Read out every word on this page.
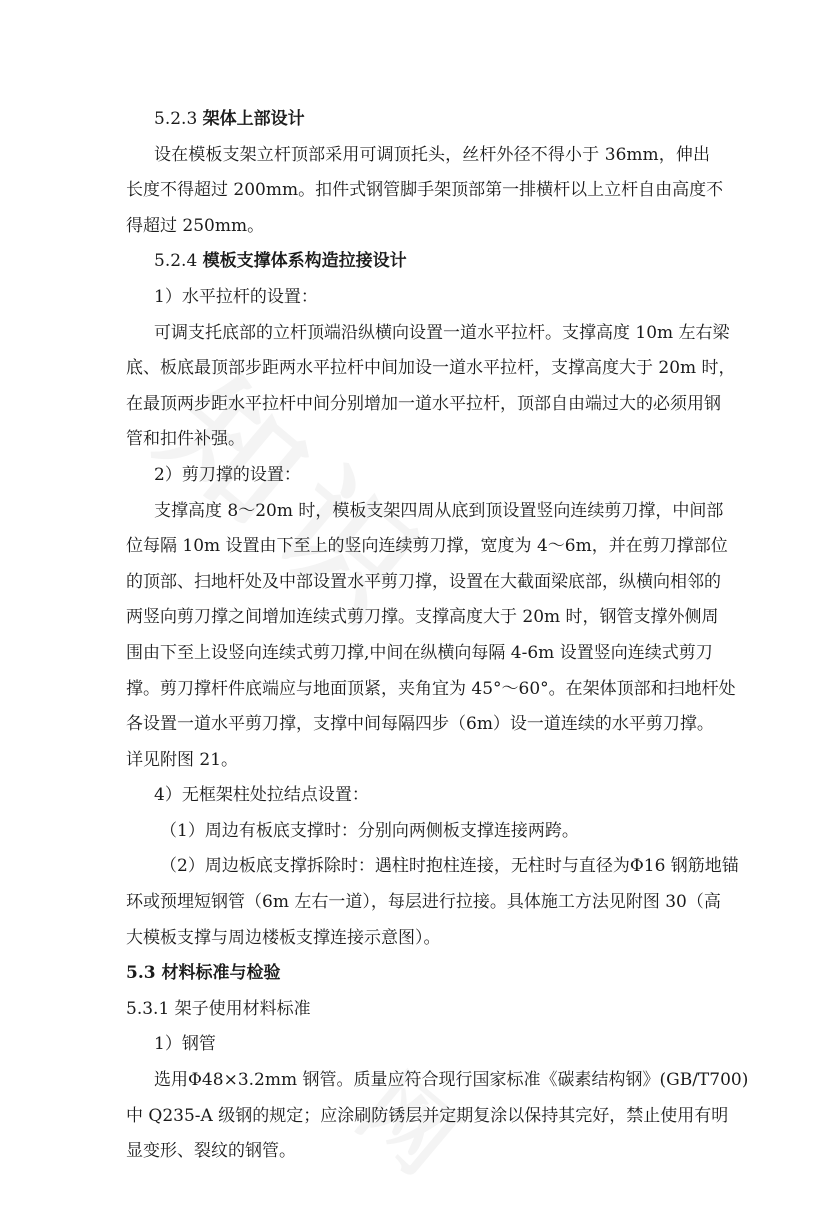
5.2.3 架体上部设计
设在模板支架立杆顶部采用可调顶托头，丝杆外径不得小于 36mm，伸出
长度不得超过 200mm。扣件式钢管脚手架顶部第一排横杆以上立杆自由高度不
得超过 250mm。
5.2.4 模板支撑体系构造拉接设计
1）水平拉杆的设置：
可调支托底部的立杆顶端沿纵横向设置一道水平拉杆。支撑高度 10m 左右梁
底、板底最顶部步距两水平拉杆中间加设一道水平拉杆，支撑高度大于 20m 时，
在最顶两步距水平拉杆中间分别增加一道水平拉杆，顶部自由端过大的必须用钢
管和扣件补强。
2）剪刀撑的设置：
支撑高度 8～20m 时，模板支架四周从底到顶设置竖向连续剪刀撑，中间部
位每隔 10m 设置由下至上的竖向连续剪刀撑，宽度为 4～6m，并在剪刀撑部位
的顶部、扫地杆处及中部设置水平剪刀撑，设置在大截面梁底部，纵横向相邻的
两竖向剪刀撑之间增加连续式剪刀撑。支撑高度大于 20m 时，钢管支撑外侧周
围由下至上设竖向连续式剪刀撑,中间在纵横向每隔 4-6m 设置竖向连续式剪刀
撑。剪刀撑杆件底端应与地面顶紧，夹角宜为 45°～60°。在架体顶部和扫地杆处
各设置一道水平剪刀撑，支撑中间每隔四步（6m）设一道连续的水平剪刀撑。
详见附图 21。
4）无框架柱处拉结点设置：
（1）周边有板底支撑时：分别向两侧板支撑连接两跨。
（2）周边板底支撑拆除时：遇柱时抱柱连接，无柱时与直径为Φ16 钢筋地锚
环或预埋短钢管（6m 左右一道），每层进行拉接。具体施工方法见附图 30（高
大模板支撑与周边楼板支撑连接示意图）。
5.3 材料标准与检验
5.3.1 架子使用材料标准
1）钢管
选用Φ48×3.2mm 钢管。质量应符合现行国家标准《碳素结构钢》(GB/T700)
中 Q235-A 级钢的规定；应涂刷防锈层并定期复涂以保持其完好，禁止使用有明
显变形、裂纹的钢管。
